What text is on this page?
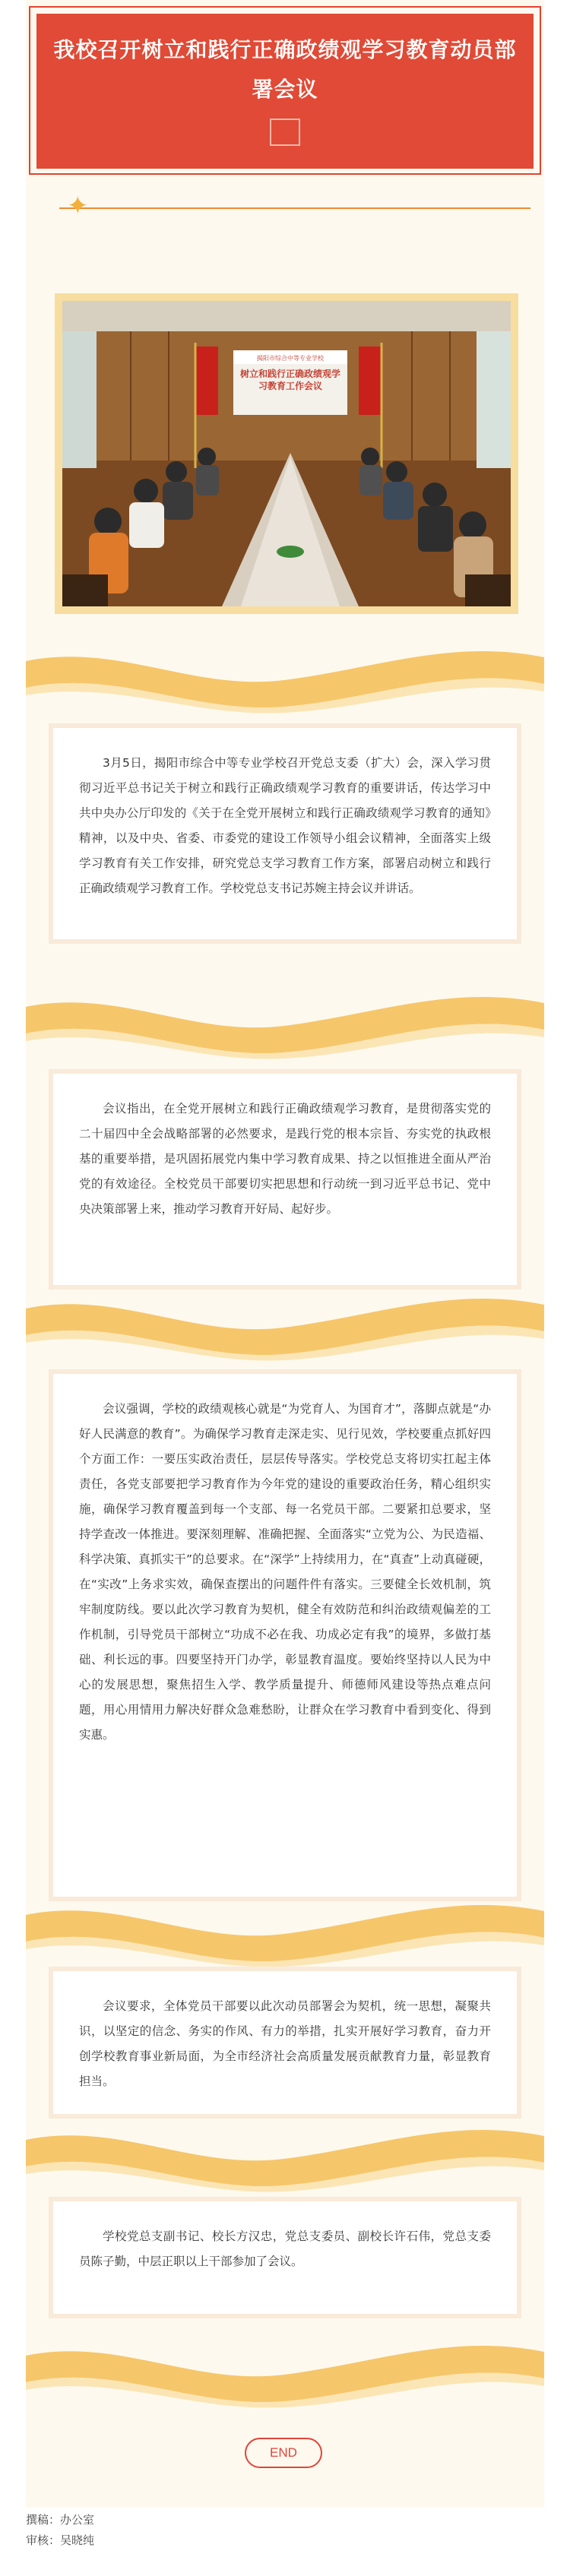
我校召开树立和践行正确政绩观学习教育动员部署会议
✦
揭阳市综合中等专业学校
树立和践行正确政绩观学习教育工作会议

3月5日，揭阳市综合中等专业学校召开党总支委（扩大）会，深入学习贯彻习近平总书记关于树立和践行正确政绩观学习教育的重要讲话，传达学习中共中央办公厅印发的《关于在全党开展树立和践行正确政绩观学习教育的通知》精神，以及中央、省委、市委党的建设工作领导小组会议精神，全面落实上级学习教育有关工作安排，研究党总支学习教育工作方案，部署启动树立和践行正确政绩观学习教育工作。学校党总支书记苏婉主持会议并讲话。

会议指出，在全党开展树立和践行正确政绩观学习教育，是贯彻落实党的二十届四中全会战略部署的必然要求，是践行党的根本宗旨、夯实党的执政根基的重要举措，是巩固拓展党内集中学习教育成果、持之以恒推进全面从严治党的有效途径。全校党员干部要切实把思想和行动统一到习近平总书记、党中央决策部署上来，推动学习教育开好局、起好步。

会议强调，学校的政绩观核心就是“为党育人、为国育才”，落脚点就是“办好人民满意的教育”。为确保学习教育走深走实、见行见效，学校要重点抓好四个方面工作：一要压实政治责任，层层传导落实。学校党总支将切实扛起主体责任，各党支部要把学习教育作为今年党的建设的重要政治任务，精心组织实施，确保学习教育覆盖到每一个支部、每一名党员干部。二要紧扣总要求，坚持学查改一体推进。要深刻理解、准确把握、全面落实“立党为公、为民造福、科学决策、真抓实干”的总要求。在“深学”上持续用力，在“真查”上动真碰硬，在“实改”上务求实效，确保查摆出的问题件件有落实。三要健全长效机制，筑牢制度防线。要以此次学习教育为契机，健全有效防范和纠治政绩观偏差的工作机制，引导党员干部树立“功成不必在我、功成必定有我”的境界，多做打基础、利长远的事。四要坚持开门办学，彰显教育温度。要始终坚持以人民为中心的发展思想，聚焦招生入学、教学质量提升、师德师风建设等热点难点问题，用心用情用力解决好群众急难愁盼，让群众在学习教育中看到变化、得到实惠。

会议要求，全体党员干部要以此次动员部署会为契机，统一思想，凝聚共识，以坚定的信念、务实的作风、有力的举措，扎实开展好学习教育，奋力开创学校教育事业新局面，为全市经济社会高质量发展贡献教育力量，彰显教育担当。

学校党总支副书记、校长方汉忠，党总支委员、副校长许石伟，党总支委员陈子勤，中层正职以上干部参加了会议。

END
撰稿：办公室
审核：吴晓纯
